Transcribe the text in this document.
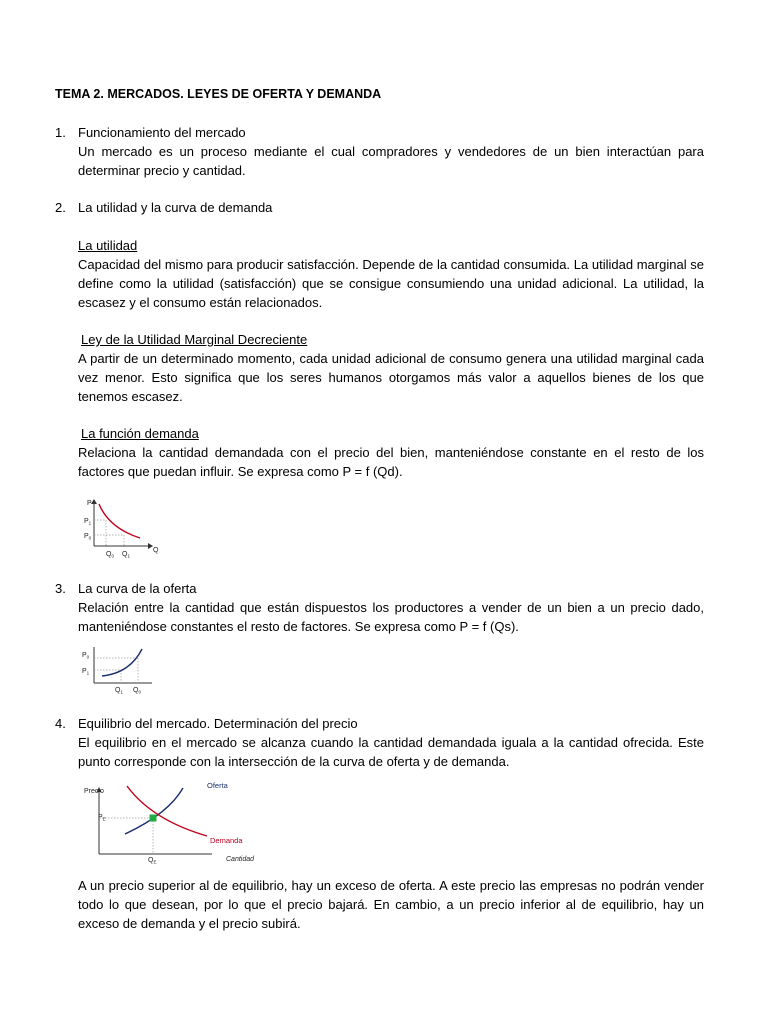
TEMA 2. MERCADOS. LEYES DE OFERTA Y DEMANDA
1. Funcionamiento del mercado

Un mercado es un proceso mediante el cual compradores y vendedores de un bien interactúan para determinar precio y cantidad.

2. La utilidad y la curva de demanda

La utilidad

Capacidad del mismo para producir satisfacción. Depende de la cantidad consumida. La utilidad marginal se define como la utilidad (satisfacción) que se consigue consumiendo una unidad adicional. La utilidad, la escasez y el consumo están relacionados.

Ley de la Utilidad Marginal Decreciente

A partir de un determinado momento, cada unidad adicional de consumo genera una utilidad marginal cada vez menor. Esto significa que los seres humanos otorgamos más valor a aquellos bienes de los que tenemos escasez.

La función demanda

Relaciona la cantidad demandada con el precio del bien, manteniéndose constante en el resto de los factores que puedan influir. Se expresa como P = f (Qd).

P
$P_1$
$P_0$
$Q_0$ $Q_1$
Q
3. La curva de la oferta

Relación entre la cantidad que están dispuestos los productores a vender de un bien a un precio dado, manteniéndose constantes el resto de factores. Se expresa como P = f (Qs).

$P_0$
$P_1$
$Q_1$ $Q_0$
4. Equilibrio del mercado. Determinación del precio

El equilibrio en el mercado se alcanza cuando la cantidad demandada iguala a la cantidad ofrecida. Este punto corresponde con la intersección de la curva de oferta y de demanda.

Precio
$P_E$
$Q_E$
Oferta
Demanda
Cantidad

A un precio superior al de equilibrio, hay un exceso de oferta. A este precio las empresas no podrán vender todo lo que desean, por lo que el precio bajará. En cambio, a un precio inferior al de equilibrio, hay un exceso de demanda y el precio subirá.
